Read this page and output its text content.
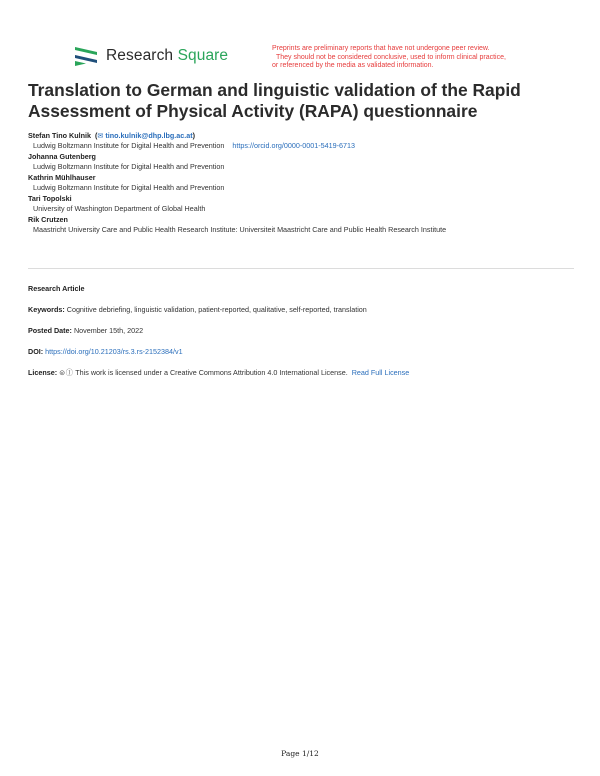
Research Square	Preprints are preliminary reports that have not undergone peer review.
They should not be considered conclusive, used to inform clinical practice,
or referenced by the media as validated information.
Translation to German and linguistic validation of the Rapid Assessment of Physical Activity (RAPA) questionnaire
Stefan Tino Kulnik  (✉ tino.kulnik@dhp.lbg.ac.at)
Ludwig Boltzmann Institute for Digital Health and Prevention https://orcid.org/0000-0001-5419-6713
Johanna Gutenberg
Ludwig Boltzmann Institute for Digital Health and Prevention
Kathrin Mühlhauser
Ludwig Boltzmann Institute for Digital Health and Prevention
Tari Topolski
University of Washington Department of Global Health
Rik Crutzen
Maastricht University Care and Public Health Research Institute: Universiteit Maastricht Care and Public Health Research Institute
Research Article
Keywords: Cognitive debriefing, linguistic validation, patient-reported, qualitative, self-reported, translation
Posted Date: November 15th, 2022
DOI: https://doi.org/10.21203/rs.3.rs-2152384/v1
License: ⊜Ⓘ This work is licensed under a Creative Commons Attribution 4.0 International License. Read Full License
Page 1/12
